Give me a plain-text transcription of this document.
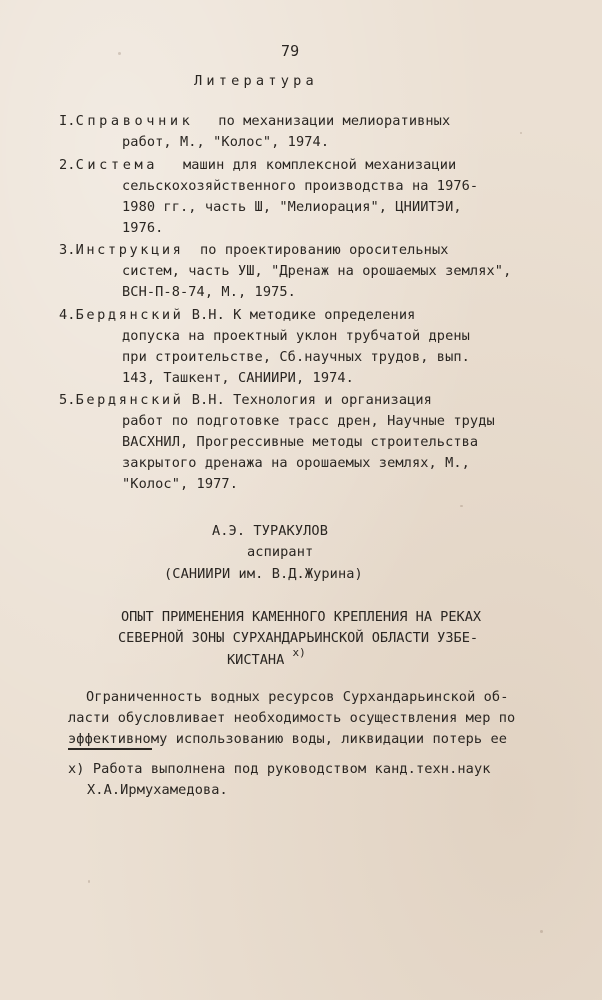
79
Литература
I.Справочник по механизации мелиоративных
работ, М., "Колос", 1974.
2.Система машин для комплексной механизации
сельскохозяйственного производства на 1976-
1980 гг., часть Ш, "Мелиорация", ЦНИИТЭИ,
1976.
3.Инструкция по проектированию оросительных
систем, часть УШ, "Дренаж на орошаемых землях",
ВСН-П-8-74, М., 1975.
4.Бердянский В.Н. К методике определения
допуска на проектный уклон трубчатой дрены
при строительстве, Сб.научных трудов, вып.
143, Ташкент, САНИИРИ, 1974.
5.Бердянский В.Н. Технология и организация
работ по подготовке трасс дрен, Научные труды
ВАСХНИЛ, Прогрессивные методы строительства
закрытого дренажа на орошаемых землях, М.,
"Колос", 1977.
А.Э. ТУРАКУЛОВ
аспирант
(САНИИРИ им. В.Д.Журина)
ОПЫТ ПРИМЕНЕНИЯ КАМЕННОГО КРЕПЛЕНИЯ НА РЕКАХ
СЕВЕРНОЙ ЗОНЫ СУРХАНДАРЬИНСКОЙ ОБЛАСТИ УЗБЕ-
КИСТАНА $^{x)}$
Ограниченность водных ресурсов Сурхандарьинской об-
ласти обусловливает необходимость осуществления мер по
эффективному использованию воды, ликвидации потерь ее
x) Работа выполнена под руководством канд.техн.наук
Х.А.Ирмухамедова.
